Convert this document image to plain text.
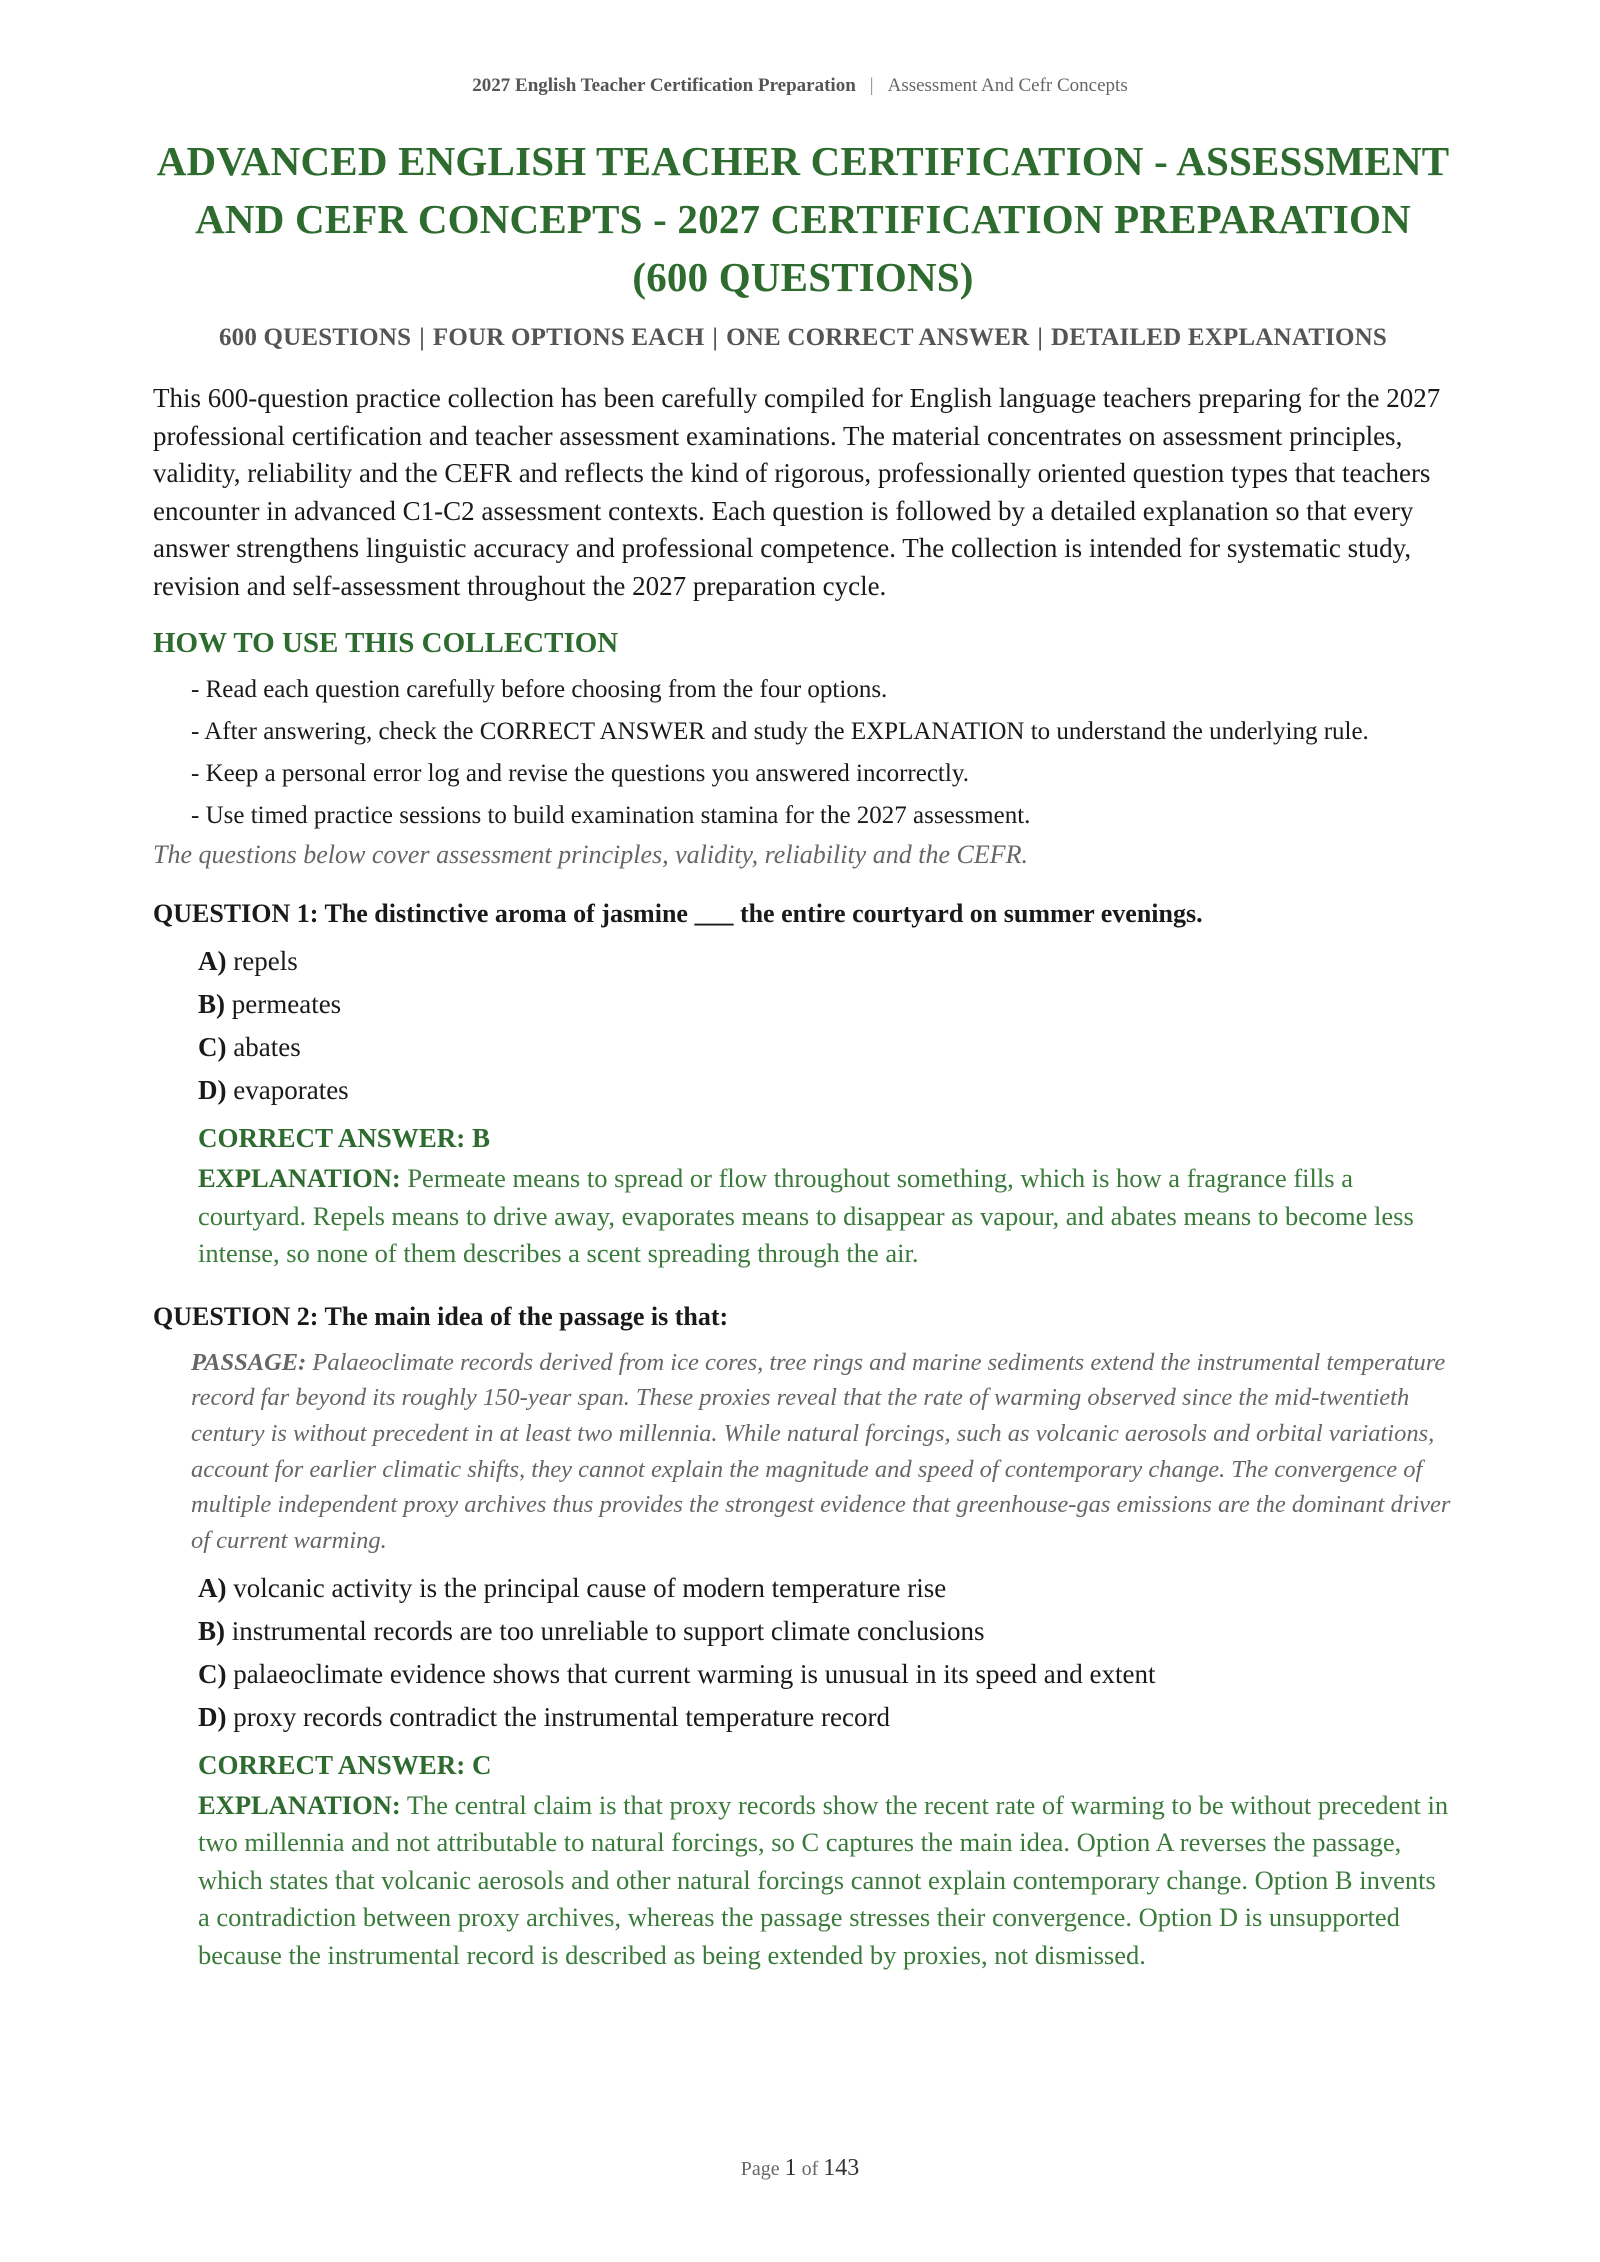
2027 English Teacher Certification Preparation | Assessment And Cefr Concepts
ADVANCED ENGLISH TEACHER CERTIFICATION - ASSESSMENT AND CEFR CONCEPTS - 2027 CERTIFICATION PREPARATION (600 QUESTIONS)
600 QUESTIONS | FOUR OPTIONS EACH | ONE CORRECT ANSWER | DETAILED EXPLANATIONS

This 600-question practice collection has been carefully compiled for English language teachers preparing for the 2027 professional certification and teacher assessment examinations. The material concentrates on assessment principles, validity, reliability and the CEFR and reflects the kind of rigorous, professionally oriented question types that teachers encounter in advanced C1-C2 assessment contexts. Each question is followed by a detailed explanation so that every answer strengthens linguistic accuracy and professional competence. The collection is intended for systematic study, revision and self-assessment throughout the 2027 preparation cycle.

HOW TO USE THIS COLLECTION
- Read each question carefully before choosing from the four options.
- After answering, check the CORRECT ANSWER and study the EXPLANATION to understand the underlying rule.
- Keep a personal error log and revise the questions you answered incorrectly.
- Use timed practice sessions to build examination stamina for the 2027 assessment.

The questions below cover assessment principles, validity, reliability and the CEFR.

QUESTION 1: The distinctive aroma of jasmine ___ the entire courtyard on summer evenings.

A) repels
B) permeates
C) abates
D) evaporates

CORRECT ANSWER: B

EXPLANATION: Permeate means to spread or flow throughout something, which is how a fragrance fills a courtyard. Repels means to drive away, evaporates means to disappear as vapour, and abates means to become less intense, so none of them describes a scent spreading through the air.

QUESTION 2: The main idea of the passage is that:

PASSAGE: Palaeoclimate records derived from ice cores, tree rings and marine sediments extend the instrumental temperature record far beyond its roughly 150-year span. These proxies reveal that the rate of warming observed since the mid-twentieth century is without precedent in at least two millennia. While natural forcings, such as volcanic aerosols and orbital variations, account for earlier climatic shifts, they cannot explain the magnitude and speed of contemporary change. The convergence of multiple independent proxy archives thus provides the strongest evidence that greenhouse-gas emissions are the dominant driver of current warming.

A) volcanic activity is the principal cause of modern temperature rise
B) instrumental records are too unreliable to support climate conclusions
C) palaeoclimate evidence shows that current warming is unusual in its speed and extent
D) proxy records contradict the instrumental temperature record

CORRECT ANSWER: C

EXPLANATION: The central claim is that proxy records show the recent rate of warming to be without precedent in two millennia and not attributable to natural forcings, so C captures the main idea. Option A reverses the passage, which states that volcanic aerosols and other natural forcings cannot explain contemporary change. Option B invents a contradiction between proxy archives, whereas the passage stresses their convergence. Option D is unsupported because the instrumental record is described as being extended by proxies, not dismissed.

Page 1 of 143
